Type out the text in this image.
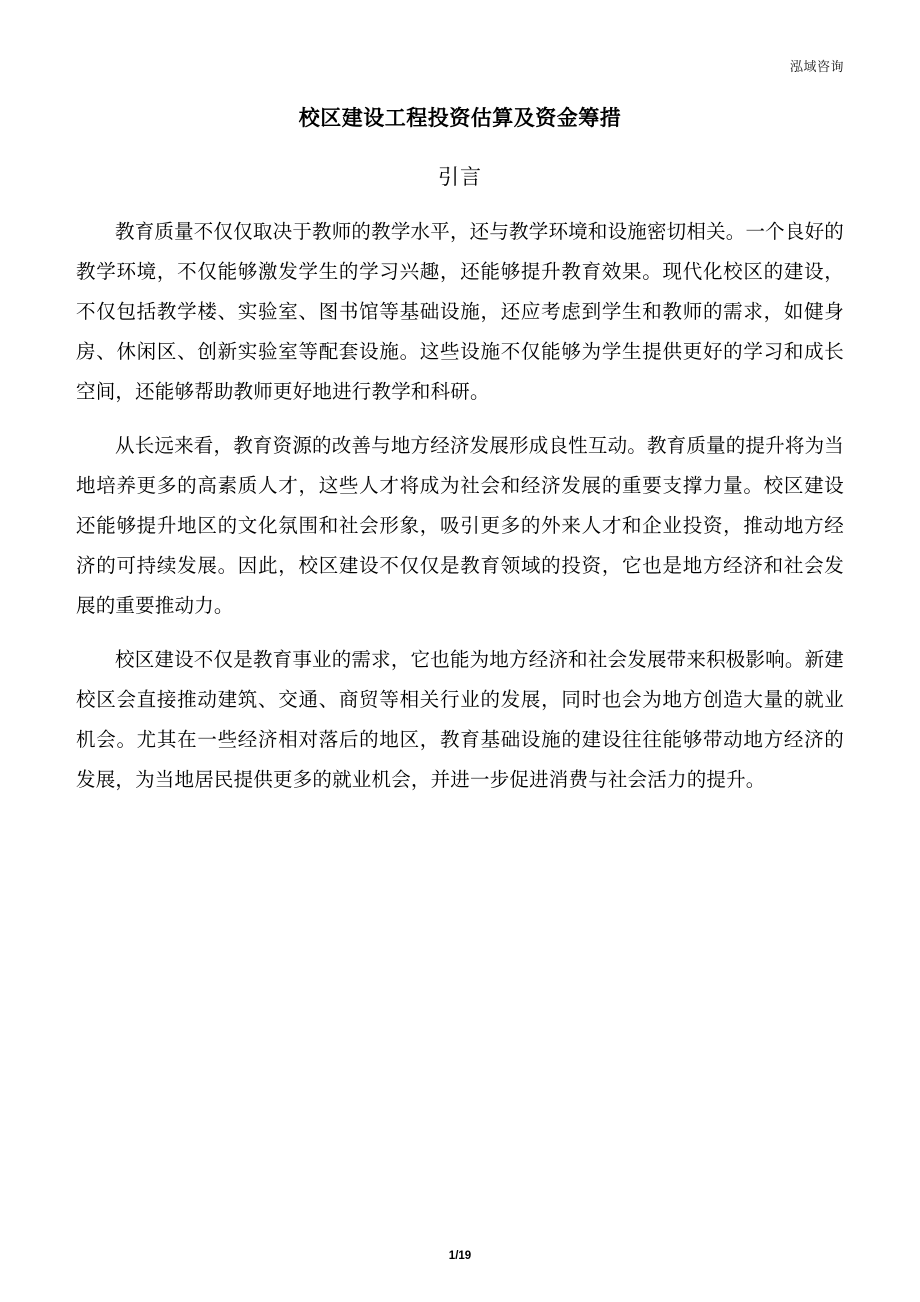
泓域咨询
校区建设工程投资估算及资金筹措
引言

教育质量不仅仅取决于教师的教学水平，还与教学环境和设施密切相关。一个良好的教学环境，不仅能够激发学生的学习兴趣，还能够提升教育效果。现代化校区的建设，不仅包括教学楼、实验室、图书馆等基础设施，还应考虑到学生和教师的需求，如健身房、休闲区、创新实验室等配套设施。这些设施不仅能够为学生提供更好的学习和成长空间，还能够帮助教师更好地进行教学和科研。

从长远来看，教育资源的改善与地方经济发展形成良性互动。教育质量的提升将为当地培养更多的高素质人才，这些人才将成为社会和经济发展的重要支撑力量。校区建设还能够提升地区的文化氛围和社会形象，吸引更多的外来人才和企业投资，推动地方经济的可持续发展。因此，校区建设不仅仅是教育领域的投资，它也是地方经济和社会发展的重要推动力。

校区建设不仅是教育事业的需求，它也能为地方经济和社会发展带来积极影响。新建校区会直接推动建筑、交通、商贸等相关行业的发展，同时也会为地方创造大量的就业机会。尤其在一些经济相对落后的地区，教育基础设施的建设往往能够带动地方经济的发展，为当地居民提供更多的就业机会，并进一步促进消费与社会活力的提升。

1/19
